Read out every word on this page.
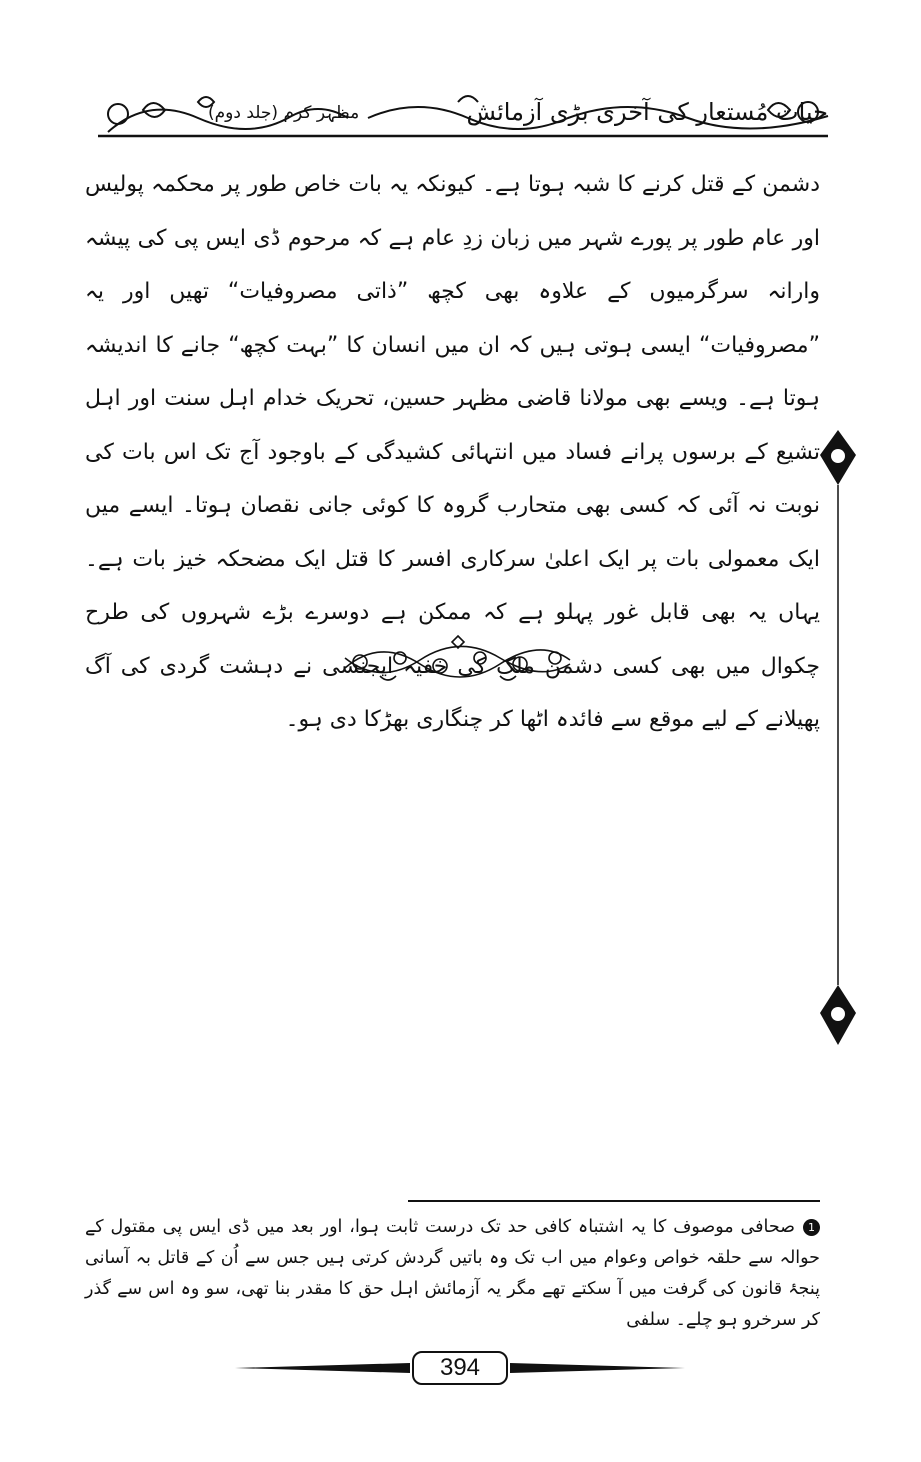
مظہر کرم (جلد دوم)	حیات مُستعار کی آخری بڑی آزمائش

دشمن کے قتل کرنے کا شبہ ہوتا ہے۔ کیونکہ یہ بات خاص طور پر محکمہ پولیس اور عام طور پر پورے شہر میں زبان زدِ عام ہے کہ مرحوم ڈی ایس پی کی پیشہ وارانہ سرگرمیوں کے علاوہ بھی کچھ ”ذاتی مصروفیات“ تھیں اور یہ ”مصروفیات“ ایسی ہوتی ہیں کہ ان میں انسان کا ”بہت کچھ“ جانے کا اندیشہ ہوتا ہے۔ ویسے بھی مولانا قاضی مظہر حسین، تحریک خدام اہل سنت اور اہل تشیع کے برسوں پرانے فساد میں انتہائی کشیدگی کے باوجود آج تک اس بات کی نوبت نہ آئی کہ کسی بھی متحارب گروہ کا کوئی جانی نقصان ہوتا۔ ایسے میں ایک معمولی بات پر ایک اعلیٰ سرکاری افسر کا قتل ایک مضحکہ خیز بات ہے۔ یہاں یہ بھی قابل غور پہلو ہے کہ ممکن ہے دوسرے بڑے شہروں کی طرح چکوال میں بھی کسی دشمن ملک کی خفیہ ایجنسی نے دہشت گردی کی آگ پھیلانے کے لیے موقع سے فائدہ اٹھا کر چنگاری بھڑکا دی ہو۔

1صحافی موصوف کا یہ اشتباہ کافی حد تک درست ثابت ہوا، اور بعد میں ڈی ایس پی مقتول کے حوالہ سے حلقہ خواص وعوام میں اب تک وہ باتیں گردش کرتی ہیں جس سے اُن کے قاتل بہ آسانی پنجۂ قانون کی گرفت میں آ سکتے تھے مگر یہ آزمائش اہل حق کا مقدر بنا تھی، سو وہ اس سے گذر کر سرخرو ہو چلے۔ سلفی
394
